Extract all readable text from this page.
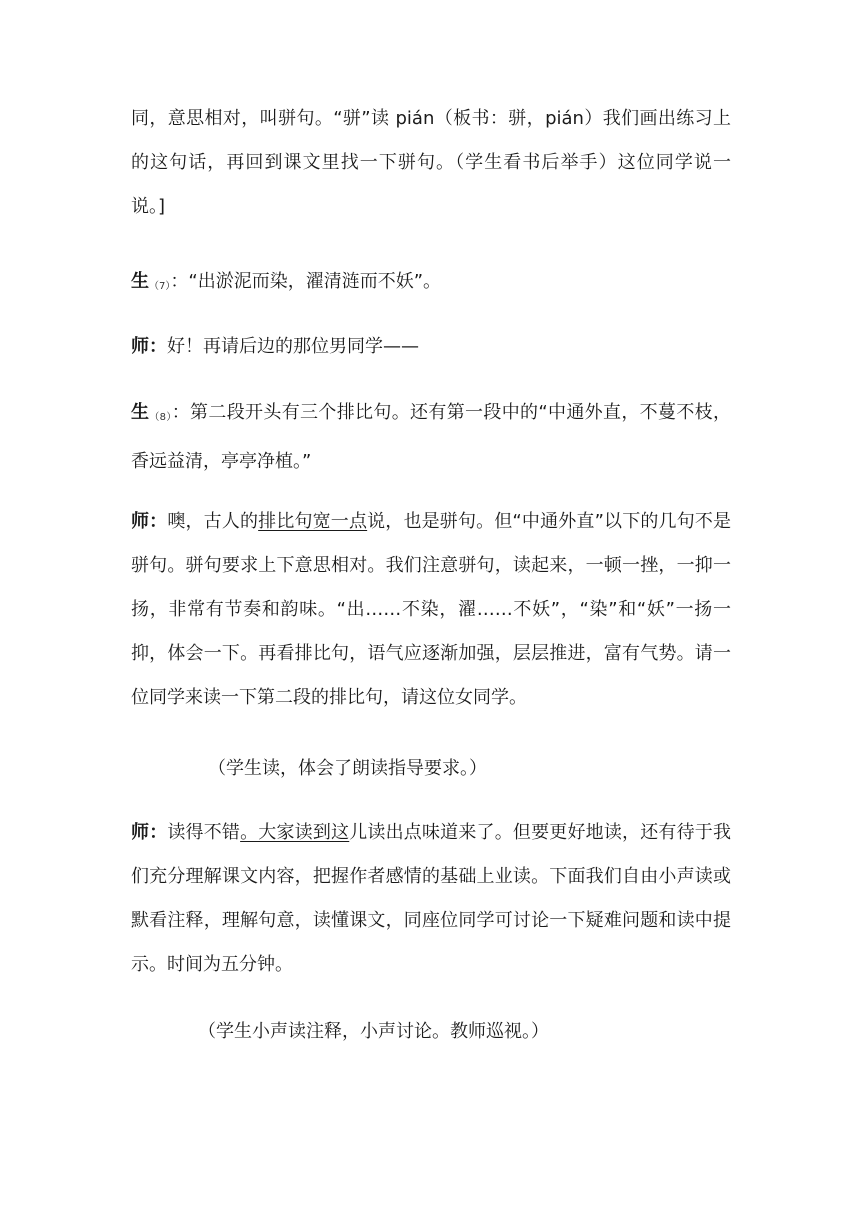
同，意思相对，叫骈句。“骈”读 pián（板书：骈，pián）我们画出练习上的这句话，再回到课文里找一下骈句。（学生看书后举手）这位同学说一说。]

生$_{(7)}$：“出淤泥而染，濯清涟而不妖”。

师：好！再请后边的那位男同学——

生$_{(8)}$：第二段开头有三个排比句。还有第一段中的“中通外直，不蔓不枝，香远益清，亭亭净植。”

师：噢，古人的排比句宽一点说，也是骈句。但“中通外直”以下的几句不是骈句。骈句要求上下意思相对。我们注意骈句，读起来，一顿一挫，一抑一扬，非常有节奏和韵味。“出……不染，濯……不妖”，“染”和“妖”一扬一抑，体会一下。再看排比句，语气应逐渐加强，层层推进，富有气势。请一位同学来读一下第二段的排比句，请这位女同学。

（学生读，体会了朗读指导要求。）

师：读得不错。大家读到这儿读出点味道来了。但要更好地读，还有待于我们充分理解课文内容，把握作者感情的基础上业读。下面我们自由小声读或默看注释，理解句意，读懂课文，同座位同学可讨论一下疑难问题和读中提示。时间为五分钟。

（学生小声读注释，小声讨论。教师巡视。）
